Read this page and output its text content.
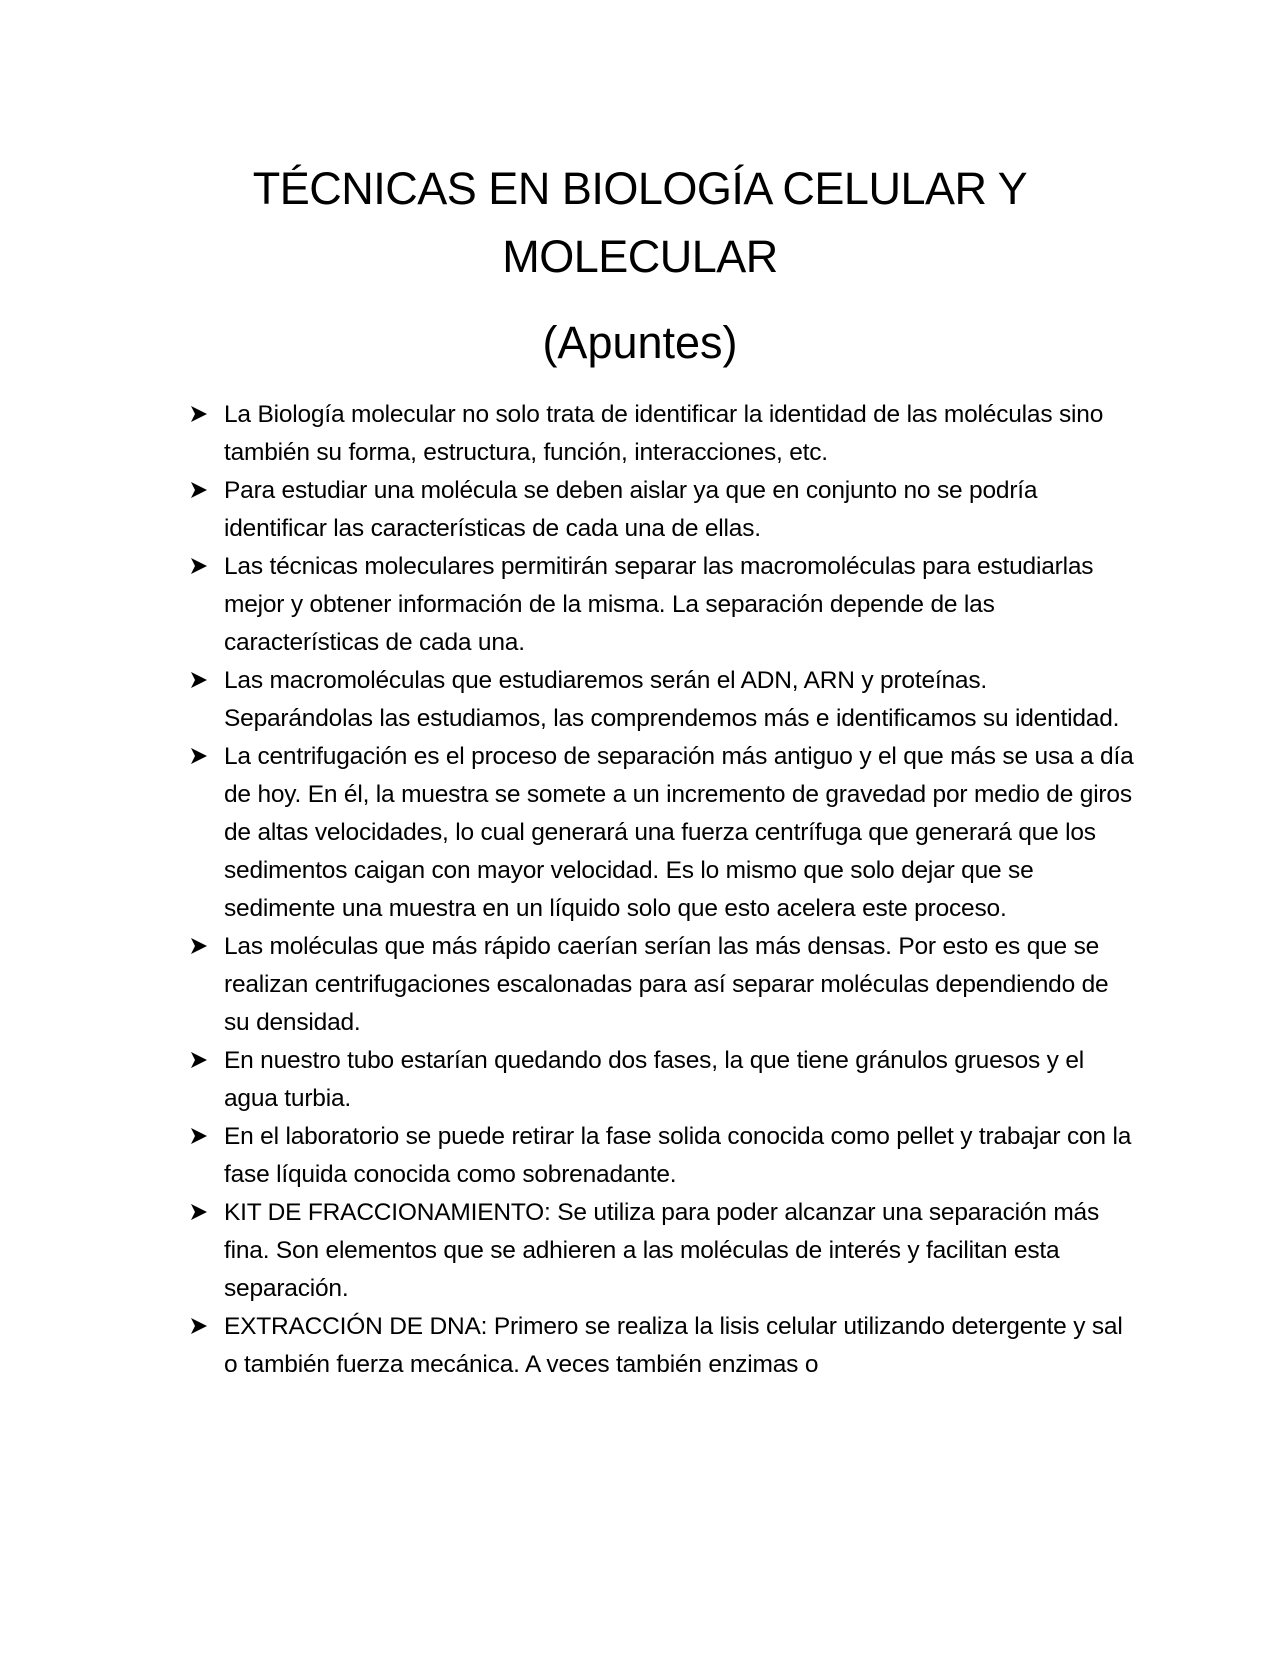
TÉCNICAS EN BIOLOGÍA CELULAR Y MOLECULAR
(Apuntes)
La Biología molecular no solo trata de identificar la identidad de las moléculas sino también su forma, estructura, función, interacciones, etc.
Para estudiar una molécula se deben aislar ya que en conjunto no se podría identificar las características de cada una de ellas.
Las técnicas moleculares permitirán separar las macromoléculas para estudiarlas mejor y obtener información de la misma. La separación depende de las características de cada una.
Las macromoléculas que estudiaremos serán el ADN, ARN y proteínas. Separándolas las estudiamos, las comprendemos más e identificamos su identidad.
La centrifugación es el proceso de separación más antiguo y el que más se usa a día de hoy. En él, la muestra se somete a un incremento de gravedad por medio de giros de altas velocidades, lo cual generará una fuerza centrífuga que generará que los sedimentos caigan con mayor velocidad. Es lo mismo que solo dejar que se sedimente una muestra en un líquido solo que esto acelera este proceso.
Las moléculas que más rápido caerían serían las más densas. Por esto es que se realizan centrifugaciones escalonadas para así separar moléculas dependiendo de su densidad.
En nuestro tubo estarían quedando dos fases, la que tiene gránulos gruesos y el agua turbia.
En el laboratorio se puede retirar la fase solida conocida como pellet y trabajar con la fase líquida conocida como sobrenadante.
KIT DE FRACCIONAMIENTO: Se utiliza para poder alcanzar una separación más fina. Son elementos que se adhieren a las moléculas de interés y facilitan esta separación.
EXTRACCIÓN DE DNA: Primero se realiza la lisis celular utilizando detergente y sal o también fuerza mecánica. A veces también enzimas o
